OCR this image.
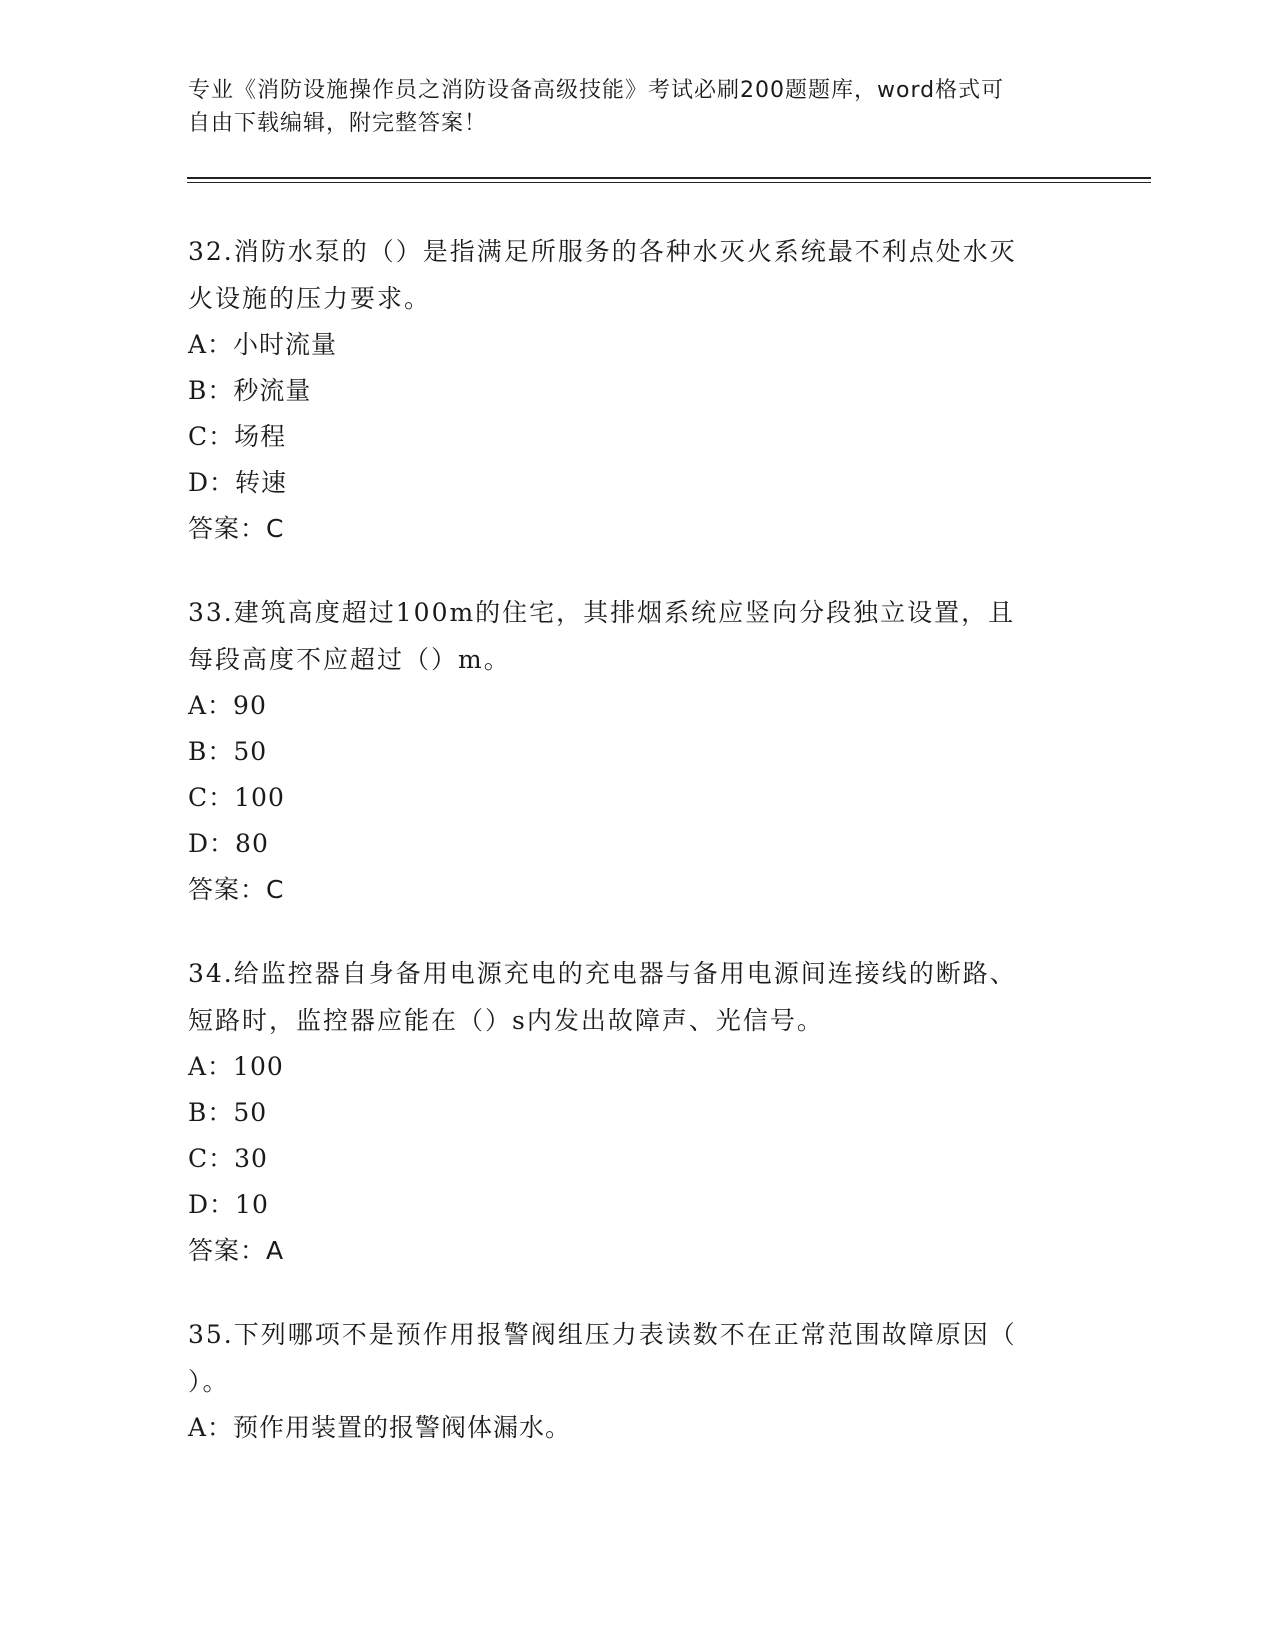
专业《消防设施操作员之消防设备高级技能》考试必刷200题题库，word格式可
自由下载编辑，附完整答案！
32.消防水泵的（）是指满足所服务的各种水灭火系统最不利点处水灭
火设施的压力要求。
A：小时流量
B：秒流量
C：场程
D：转速
答案：C
33.建筑高度超过100m的住宅，其排烟系统应竖向分段独立设置，且
每段高度不应超过（）m。
A：90
B：50
C：100
D：80
答案：C
34.给监控器自身备用电源充电的充电器与备用电源间连接线的断路、
短路时，监控器应能在（）s内发出故障声、光信号。
A：100
B：50
C：30
D：10
答案：A
35.下列哪项不是预作用报警阀组压力表读数不在正常范围故障原因（
）。
A：预作用装置的报警阀体漏水。
